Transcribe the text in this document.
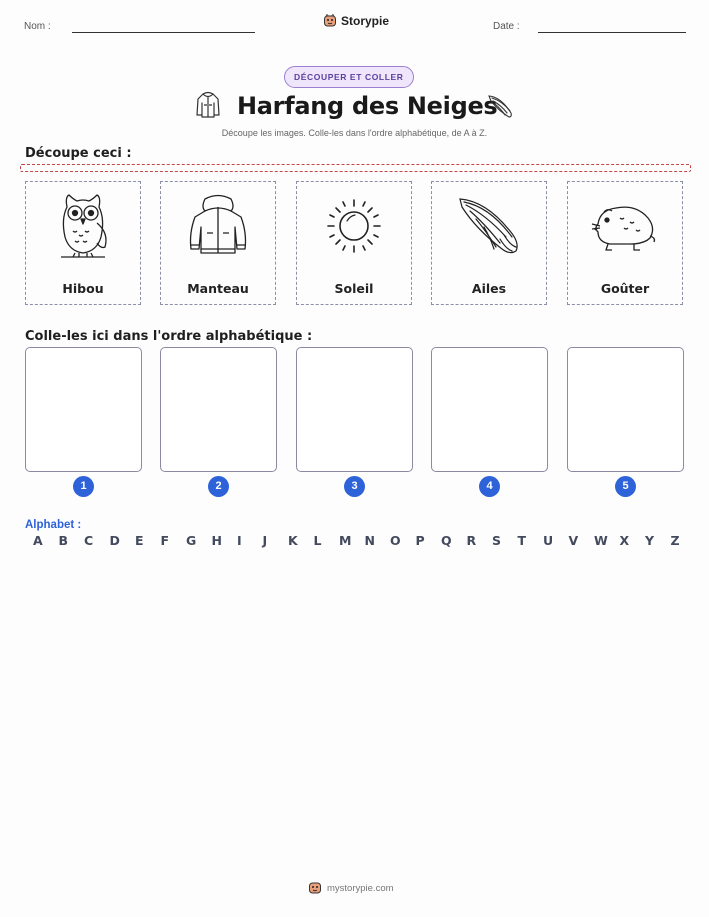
Nom :	Storypie	Date :
DÉCOUPER ET COLLER
Harfang des Neiges
Découpe les images. Colle-les dans l'ordre alphabétique, de A à Z.
Découpe ceci :
Hibou	Manteau	Soleil	Ailes	Goûter
Colle-les ici dans l'ordre alphabétique :
1	2	3	4	5
Alphabet :
A	B	C	D	E	F	G	H	I	J	K	L	M	N	O	P	Q	R	S	T	U	V	W X	Y	Z
mystorypie.com
